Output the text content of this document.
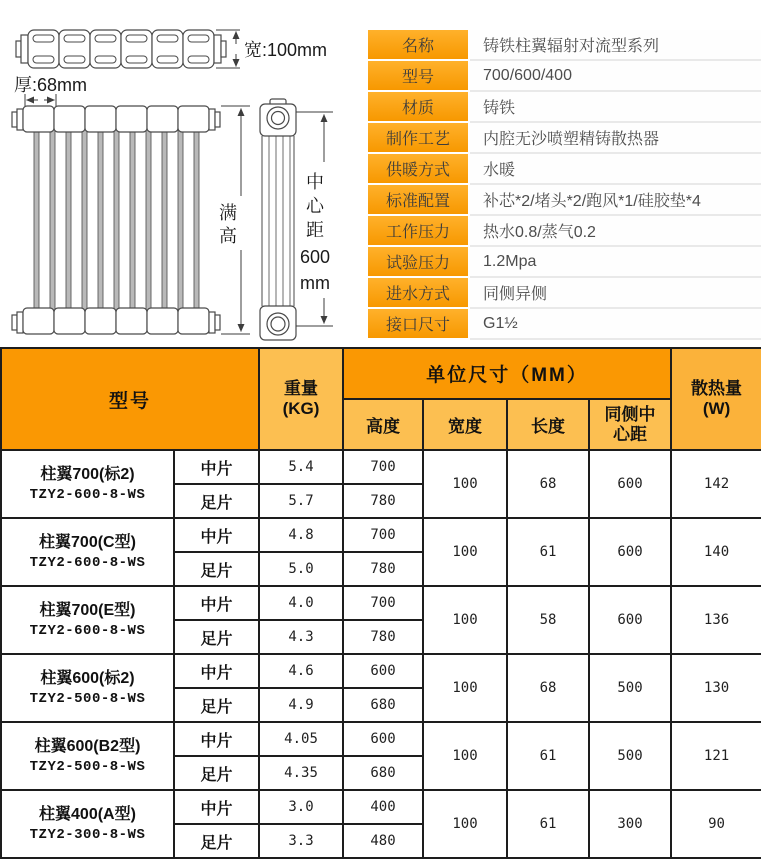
宽:100mm
厚:68mm
满
高
中
心
距
600
mm
名称	铸铁柱翼辐射对流型系列
型号	700/600/400
材质	铸铁
制作工艺	内腔无沙喷塑精铸散热器
供暖方式	水暖
标准配置	补芯*2/堵头*2/跑风*1/硅胶垫*4
工作压力	热水0.8/蒸气0.2
试验压力	1.2Mpa
进水方式	同侧异侧
接口尺寸	G1½
型号	
重量
(KG)
	单位尺寸（MM）	
散热量
(W)

			高度	宽度	长度	同侧中
心距	

柱翼700(标2)
TZY2-600-8-WS	中片	5.4	700	100	68	600	142
	足片	5.7	780				

柱翼700(C型)
TZY2-600-8-WS	中片	4.8	700	100	61	600	140
	足片	5.0	780				

柱翼700(E型)
TZY2-600-8-WS	中片	4.0	700	100	58	600	136
	足片	4.3	780				

柱翼600(标2)
TZY2-500-8-WS	中片	4.6	600	100	68	500	130
	足片	4.9	680				

柱翼600(B2型)
TZY2-500-8-WS	中片	4.05	600	100	61	500	121
	足片	4.35	680				

柱翼400(A型)
TZY2-300-8-WS	中片	3.0	400	100	61	300	90
	足片	3.3	480				
